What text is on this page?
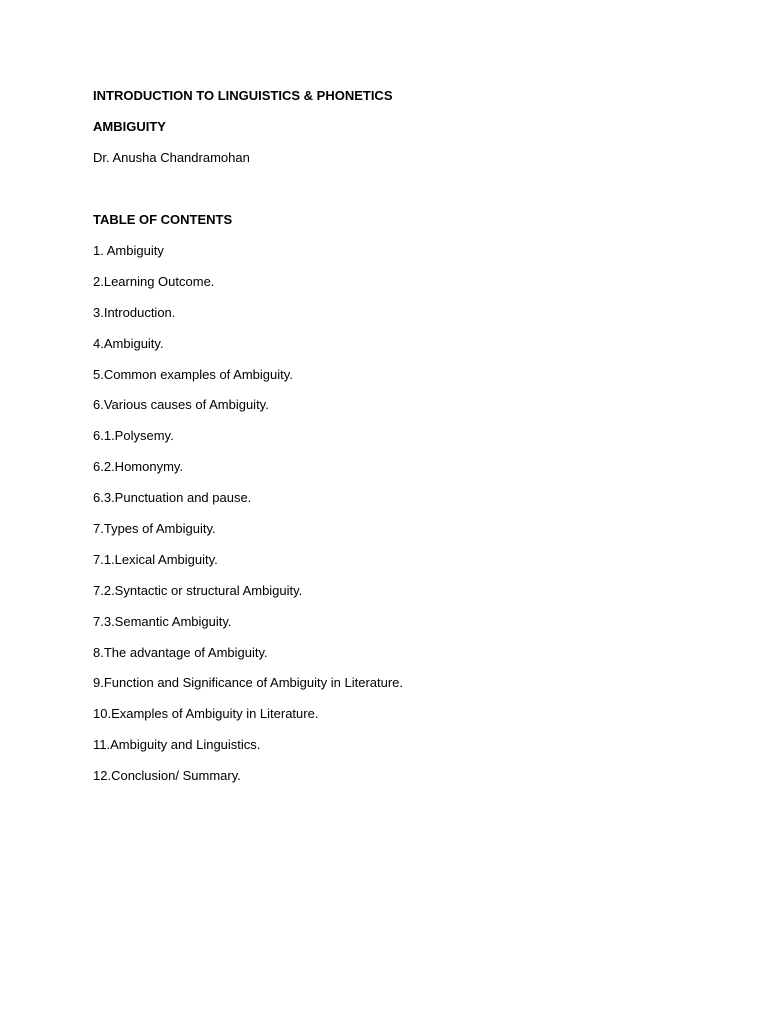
INTRODUCTION TO LINGUISTICS & PHONETICS
AMBIGUITY
Dr. Anusha Chandramohan
TABLE OF CONTENTS
1. Ambiguity
2.Learning Outcome.
3.Introduction.
4.Ambiguity.
5.Common examples of Ambiguity.
6.Various causes of Ambiguity.
6.1.Polysemy.
6.2.Homonymy.
6.3.Punctuation and pause.
7.Types of Ambiguity.
7.1.Lexical Ambiguity.
7.2.Syntactic or structural Ambiguity.
7.3.Semantic Ambiguity.
8.The advantage of Ambiguity.
9.Function and Significance of Ambiguity in Literature.
10.Examples of Ambiguity in Literature.
11.Ambiguity and Linguistics.
12.Conclusion/ Summary.
